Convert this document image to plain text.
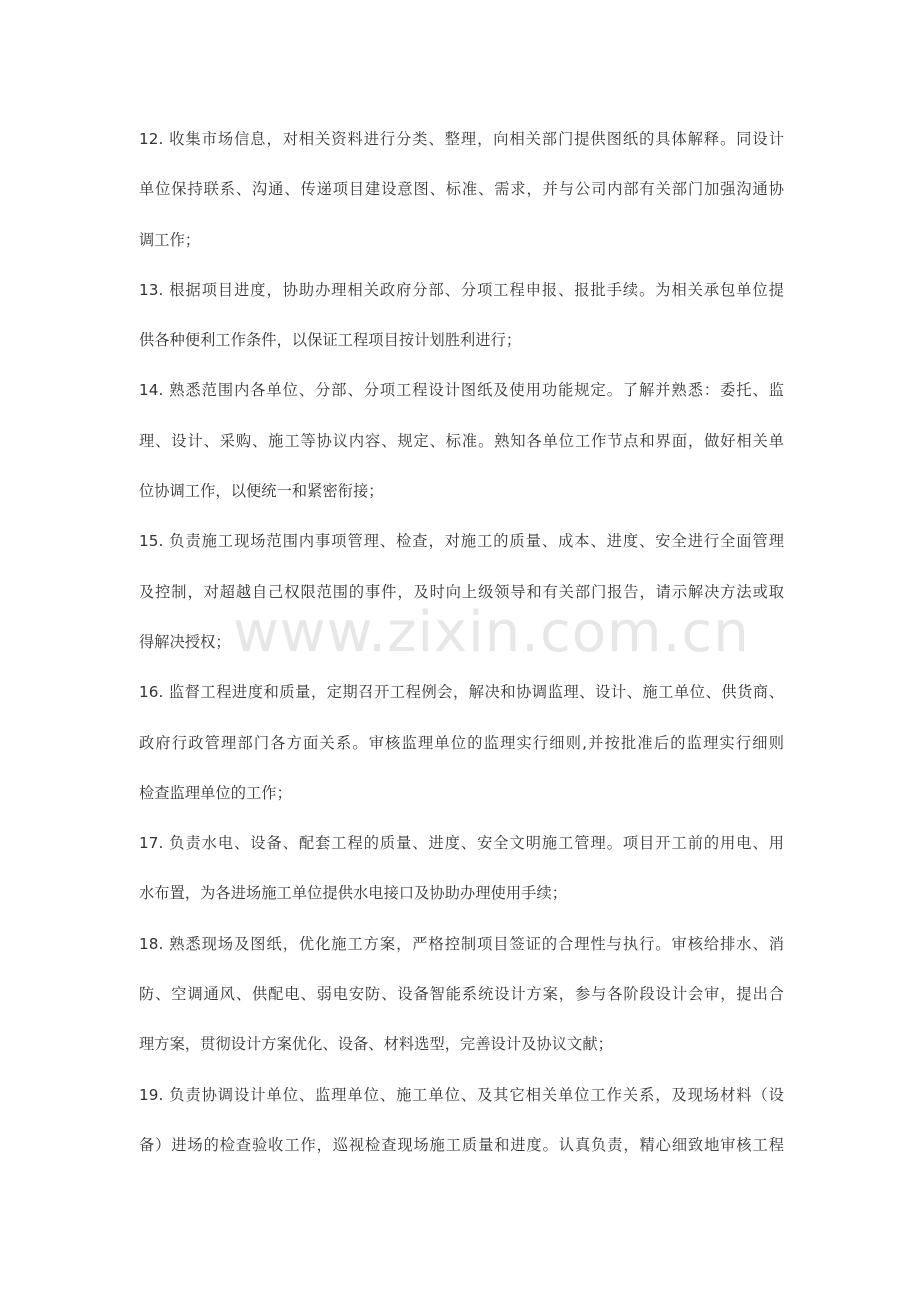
12. 收集市场信息，对相关资料进行分类、整理，向相关部门提供图纸的具体解释。同设计
单位保持联系、沟通、传递项目建设意图、标准、需求，并与公司内部有关部门加强沟通协
调工作；
13. 根据项目进度，协助办理相关政府分部、分项工程申报、报批手续。为相关承包单位提
供各种便利工作条件，以保证工程项目按计划胜利进行；
14. 熟悉范围内各单位、分部、分项工程设计图纸及使用功能规定。了解并熟悉：委托、监
理、设计、采购、施工等协议内容、规定、标准。熟知各单位工作节点和界面，做好相关单
位协调工作，以便统一和紧密衔接；
15. 负责施工现场范围内事项管理、检查，对施工的质量、成本、进度、安全进行全面管理
及控制，对超越自己权限范围的事件，及时向上级领导和有关部门报告，请示解决方法或取
得解决授权；
16. 监督工程进度和质量，定期召开工程例会，解决和协调监理、设计、施工单位、供货商、
政府行政管理部门各方面关系。审核监理单位的监理实行细则,并按批准后的监理实行细则
检查监理单位的工作；
17. 负责水电、设备、配套工程的质量、进度、安全文明施工管理。项目开工前的用电、用
水布置，为各进场施工单位提供水电接口及协助办理使用手续；
18. 熟悉现场及图纸，优化施工方案，严格控制项目签证的合理性与执行。审核给排水、消
防、空调通风、供配电、弱电安防、设备智能系统设计方案，参与各阶段设计会审，提出合
理方案，贯彻设计方案优化、设备、材料选型，完善设计及协议文献；
19. 负责协调设计单位、监理单位、施工单位、及其它相关单位工作关系，及现场材料（设
备）进场的检查验收工作，巡视检查现场施工质量和进度。认真负责，精心细致地审核工程
www.zixin.com.cn
